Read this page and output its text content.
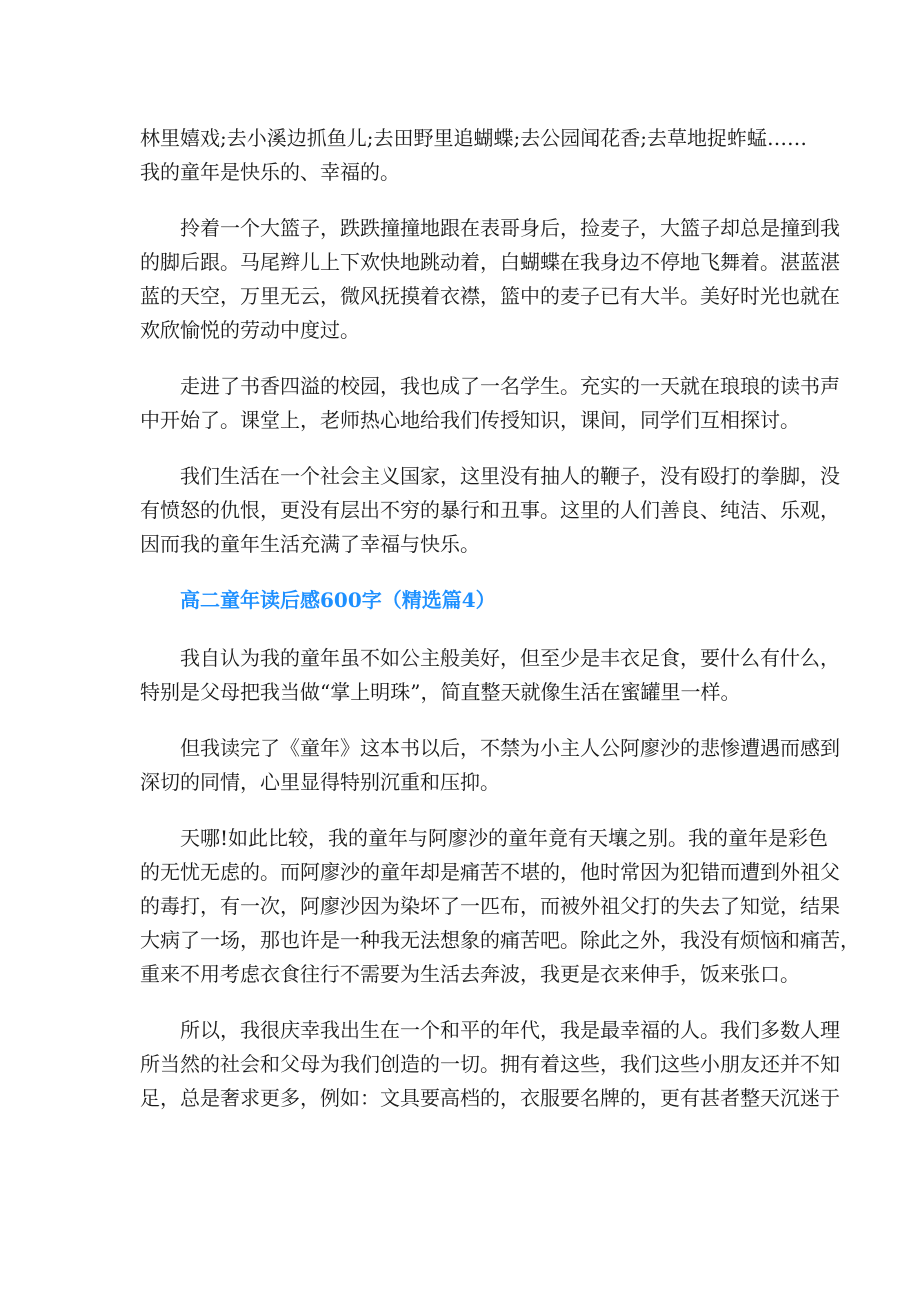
林里嬉戏;去小溪边抓鱼儿;去田野里追蝴蝶;去公园闻花香;去草地捉蚱蜢……
我的童年是快乐的、幸福的。
拎着一个大篮子，跌跌撞撞地跟在表哥身后，捡麦子，大篮子却总是撞到我
的脚后跟。马尾辫儿上下欢快地跳动着，白蝴蝶在我身边不停地飞舞着。湛蓝湛
蓝的天空，万里无云，微风抚摸着衣襟，篮中的麦子已有大半。美好时光也就在
欢欣愉悦的劳动中度过。
走进了书香四溢的校园，我也成了一名学生。充实的一天就在琅琅的读书声
中开始了。课堂上，老师热心地给我们传授知识，课间，同学们互相探讨。
我们生活在一个社会主义国家，这里没有抽人的鞭子，没有殴打的拳脚，没
有愤怒的仇恨，更没有层出不穷的暴行和丑事。这里的人们善良、纯洁、乐观，
因而我的童年生活充满了幸福与快乐。
高二童年读后感600字（精选篇4）
我自认为我的童年虽不如公主般美好，但至少是丰衣足食，要什么有什么，
特别是父母把我当做“掌上明珠”，简直整天就像生活在蜜罐里一样。
但我读完了《童年》这本书以后，不禁为小主人公阿廖沙的悲惨遭遇而感到
深切的同情，心里显得特别沉重和压抑。
天哪!如此比较，我的童年与阿廖沙的童年竟有天壤之别。我的童年是彩色
的无忧无虑的。而阿廖沙的童年却是痛苦不堪的，他时常因为犯错而遭到外祖父
的毒打，有一次，阿廖沙因为染坏了一匹布，而被外祖父打的失去了知觉，结果
大病了一场，那也许是一种我无法想象的痛苦吧。除此之外，我没有烦恼和痛苦，
重来不用考虑衣食往行不需要为生活去奔波，我更是衣来伸手，饭来张口。
所以，我很庆幸我出生在一个和平的年代，我是最幸福的人。我们多数人理
所当然的社会和父母为我们创造的一切。拥有着这些，我们这些小朋友还并不知
足，总是奢求更多，例如：文具要高档的，衣服要名牌的，更有甚者整天沉迷于
